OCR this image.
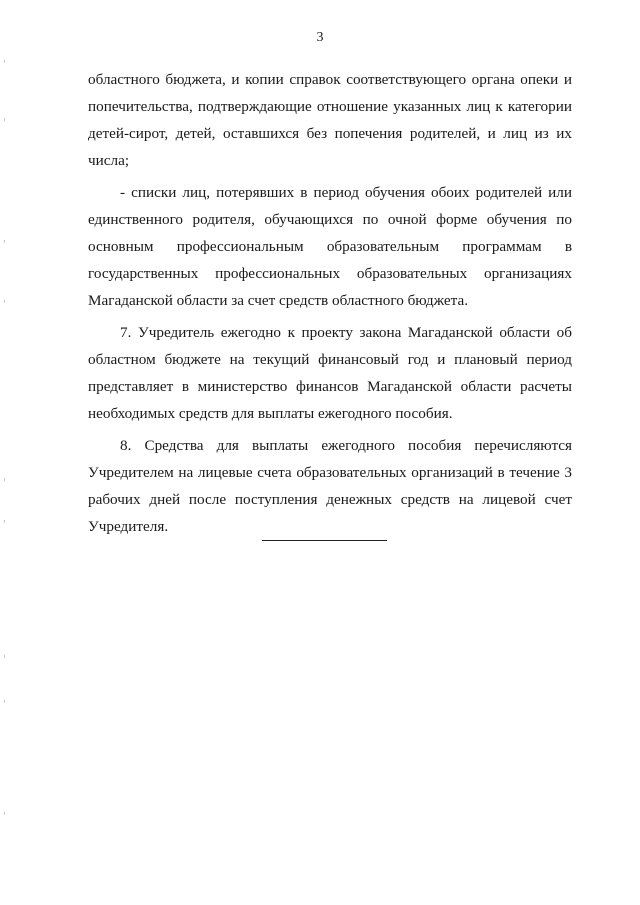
3

областного бюджета, и копии справок соответствующего органа опеки и попечительства, подтверждающие отношение указанных лиц к категории детей-сирот, детей, оставшихся без попечения родителей, и лиц из их числа;

- списки лиц, потерявших в период обучения обоих родителей или единственного родителя, обучающихся по очной форме обучения по основным профессиональным образовательным программам в государственных профессиональных образовательных организациях Магаданской области за счет средств областного бюджета.

7. Учредитель ежегодно к проекту закона Магаданской области об областном бюджете на текущий финансовый год и плановый период представляет в министерство финансов Магаданской области расчеты необходимых средств для выплаты ежегодного пособия.

8. Средства для выплаты ежегодного пособия перечисляются Учредителем на лицевые счета образовательных организаций в течение 3 рабочих дней после поступления денежных средств на лицевой счет Учредителя.
